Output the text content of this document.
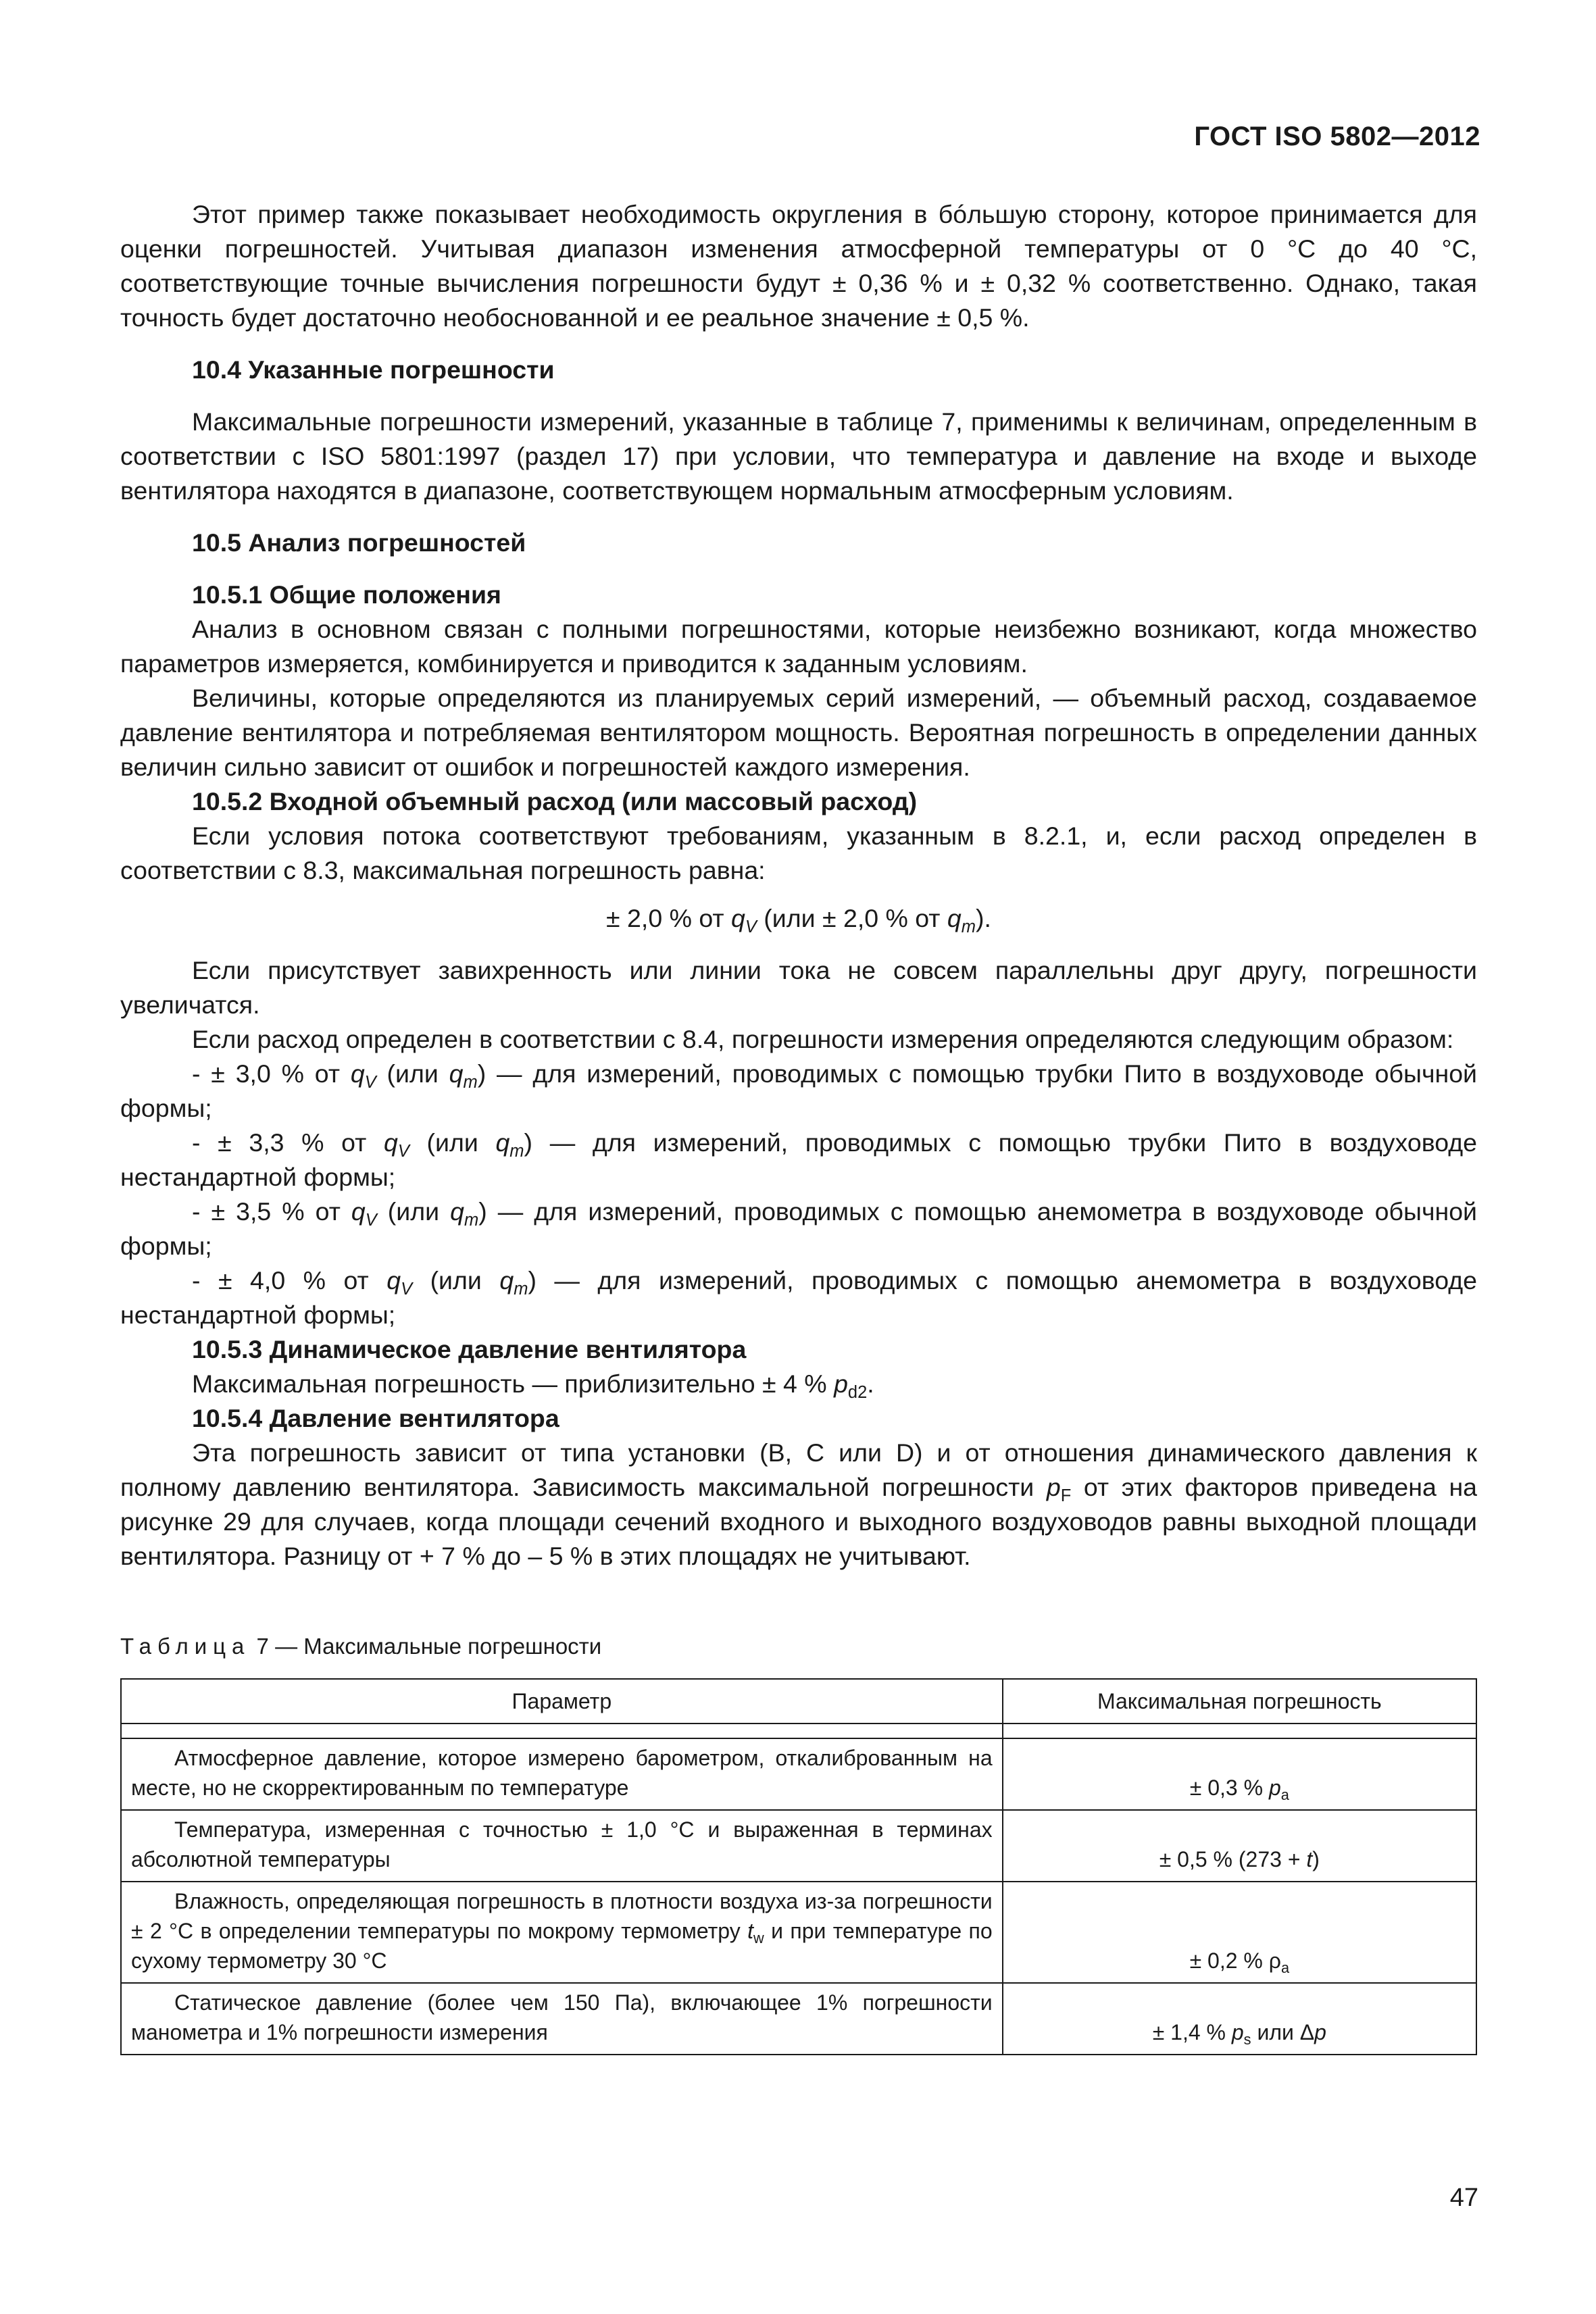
ГОСТ ISO 5802—2012

Этот пример также показывает необходимость округления в бóльшую сторону, которое принимается для оценки погрешностей. Учитывая диапазон изменения атмосферной температуры от 0 °С до 40 °С, соответствующие точные вычисления погрешности будут ± 0,36 % и ± 0,32 % соответственно. Однако, такая точность будет достаточно необоснованной и ее реальное значение ± 0,5 %.

10.4 Указанные погрешности

Максимальные погрешности измерений, указанные в таблице 7, применимы к величинам, определенным в соответствии с ISO 5801:1997 (раздел 17) при условии, что температура и давление на входе и выходе вентилятора находятся в диапазоне, соответствующем нормальным атмосферным условиям.

10.5 Анализ погрешностей

10.5.1 Общие положения

Анализ в основном связан с полными погрешностями, которые неизбежно возникают, когда множество параметров измеряется, комбинируется и приводится к заданным условиям.

Величины, которые определяются из планируемых серий измерений, — объемный расход, создаваемое давление вентилятора и потребляемая вентилятором мощность. Вероятная погрешность в определении данных величин сильно зависит от ошибок и погрешностей каждого измерения.

10.5.2 Входной объемный расход (или массовый расход)

Если условия потока соответствуют требованиям, указанным в 8.2.1, и, если расход определен в соответствии с 8.3, максимальная погрешность равна:

± 2,0 % от $q_V$ (или ± 2,0 % от $q_m$).

Если присутствует завихренность или линии тока не совсем параллельны друг другу, погрешности увеличатся.

Если расход определен в соответствии с 8.4, погрешности измерения определяются следующим образом:

- ± 3,0 % от $q_V$ (или $q_m$) — для измерений, проводимых с помощью трубки Пито в воздуховоде обычной формы;

- ± 3,3 % от $q_V$ (или $q_m$) — для измерений, проводимых с помощью трубки Пито в воздуховоде нестандартной формы;

- ± 3,5 % от $q_V$ (или $q_m$) — для измерений, проводимых с помощью анемометра в воздуховоде обычной формы;

- ± 4,0 % от $q_V$ (или $q_m$) — для измерений, проводимых с помощью анемометра в воздуховоде нестандартной формы;

10.5.3 Динамическое давление вентилятора

Максимальная погрешность — приблизительно ± 4 % $p_{d2}$.

10.5.4 Давление вентилятора

Эта погрешность зависит от типа установки (В, С или D) и от отношения динамического давления к полному давлению вентилятора. Зависимость максимальной погрешности $p_F$ от этих факторов приведена на рисунке 29 для случаев, когда площади сечений входного и выходного воздуховодов равны выходной площади вентилятора. Разницу от + 7 % до – 5 % в этих площадях не учитывают.

Таблица 7 — Максимальные погрешности
Параметр	Максимальная погрешность

Атмосферное давление, которое измерено барометром, откалиброванным на месте, но не скорректированным по температуре	± 0,3 % $p_a$
Температура, измеренная с точностью ± 1,0 °С и выраженная в терминах абсолютной температуры	± 0,5 % (273 + t)
Влажность, определяющая погрешность в плотности воздуха из-за погрешности ± 2 °С в определении температуры по мокрому термометру $t_w$ и при температуре по сухому термометру 30 °С	± 0,2 % $\rho_a$
Статическое давление (более чем 150 Па), включающее 1% погрешности манометра и 1% погрешности измерения	± 1,4 % $p_s$ или Δp
47
